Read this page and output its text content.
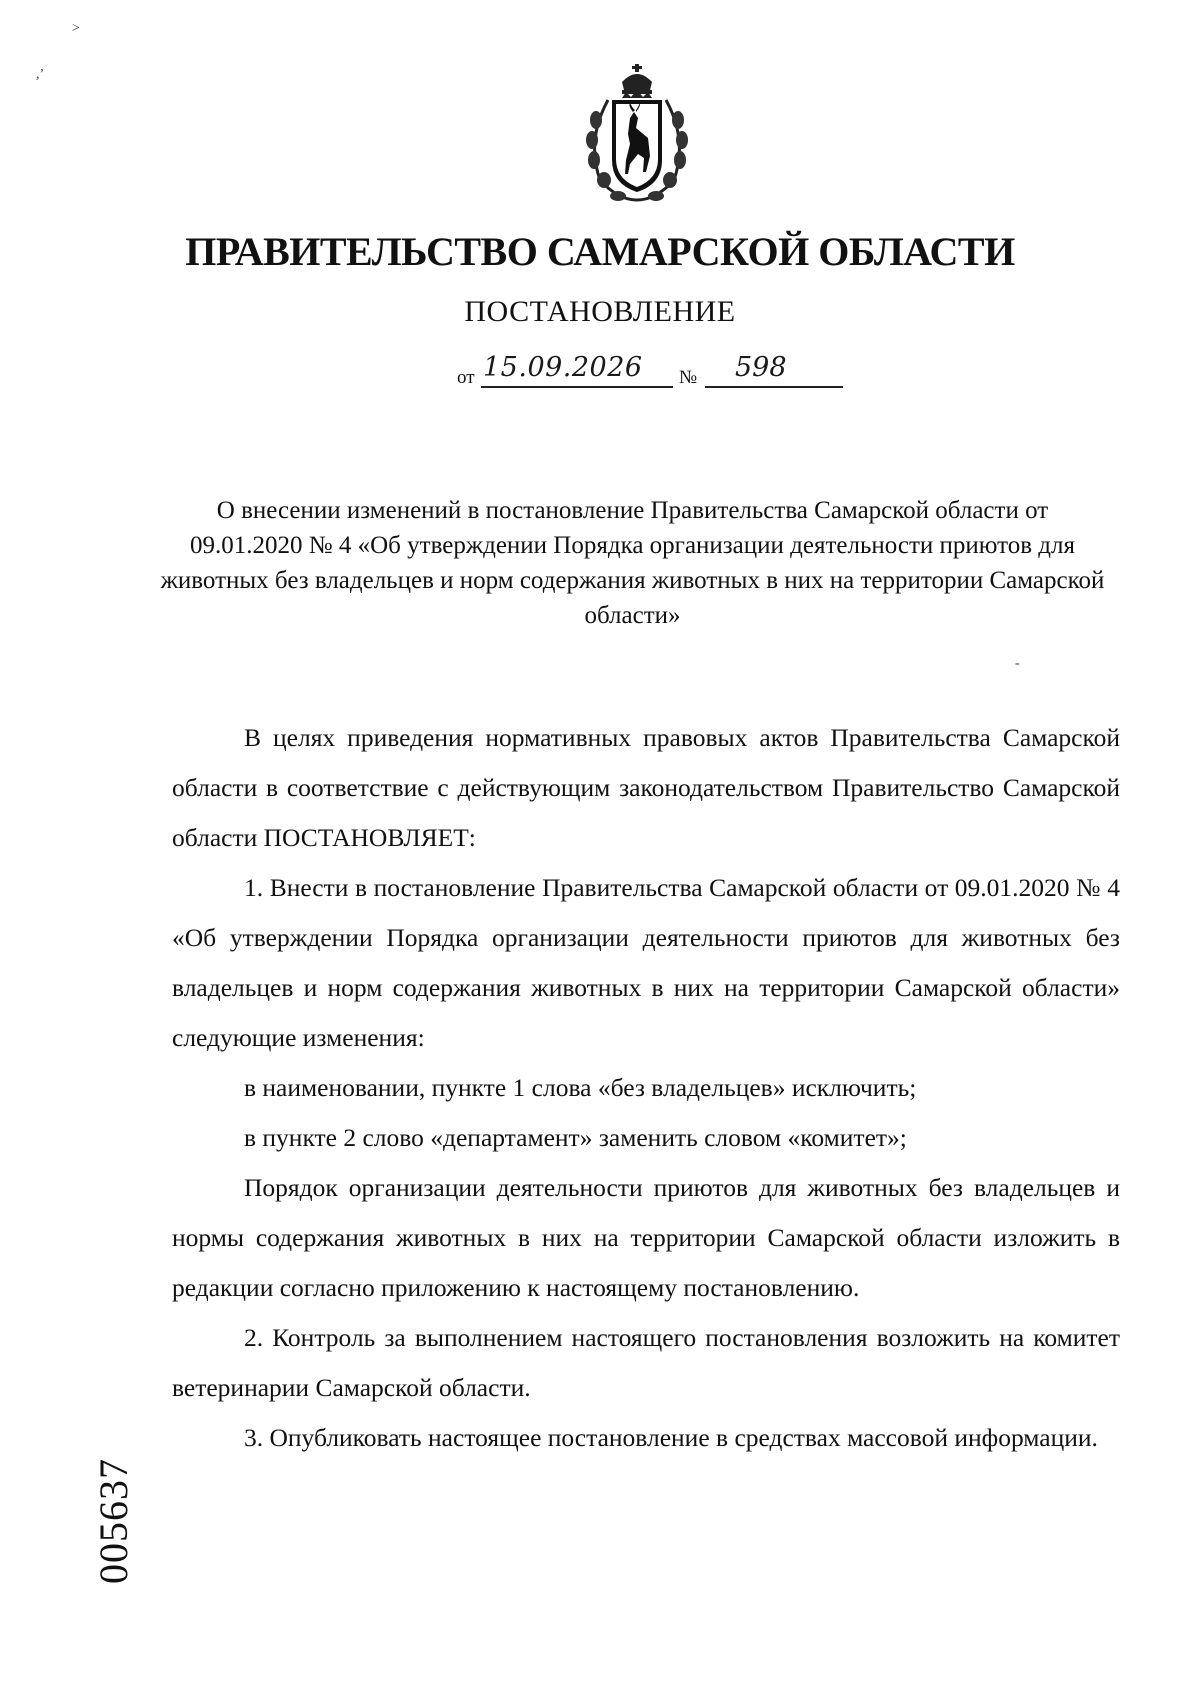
˃
,ʼ
-
ПРАВИТЕЛЬСТВО САМАРСКОЙ ОБЛАСТИ
ПОСТАНОВЛЕНИЕ
от 15.09.2026 № 598
О внесении изменений в постановление Правительства Самарской области от 09.01.2020 № 4 «Об утверждении Порядка организации деятельности приютов для животных без владельцев и норм содержания животных в них на территории Самарской области»

В целях приведения нормативных правовых актов Правительства Самарской области в соответствие с действующим законодательством Правительство Самарской области ПОСТАНОВЛЯЕТ:

1. Внести в постановление Правительства Самарской области от 09.01.2020 № 4 «Об утверждении Порядка организации деятельности приютов для животных без владельцев и норм содержания животных в них на территории Самарской области» следующие изменения:

в наименовании, пункте 1 слова «без владельцев» исключить;

в пункте 2 слово «департамент» заменить словом «комитет»;

Порядок организации деятельности приютов для животных без владельцев и нормы содержания животных в них на территории Самарской области изложить в редакции согласно приложению к настоящему постановлению.

2. Контроль за выполнением настоящего постановления возложить на комитет ветеринарии Самарской области.

3. Опубликовать настоящее постановление в средствах массовой информации.

005637
